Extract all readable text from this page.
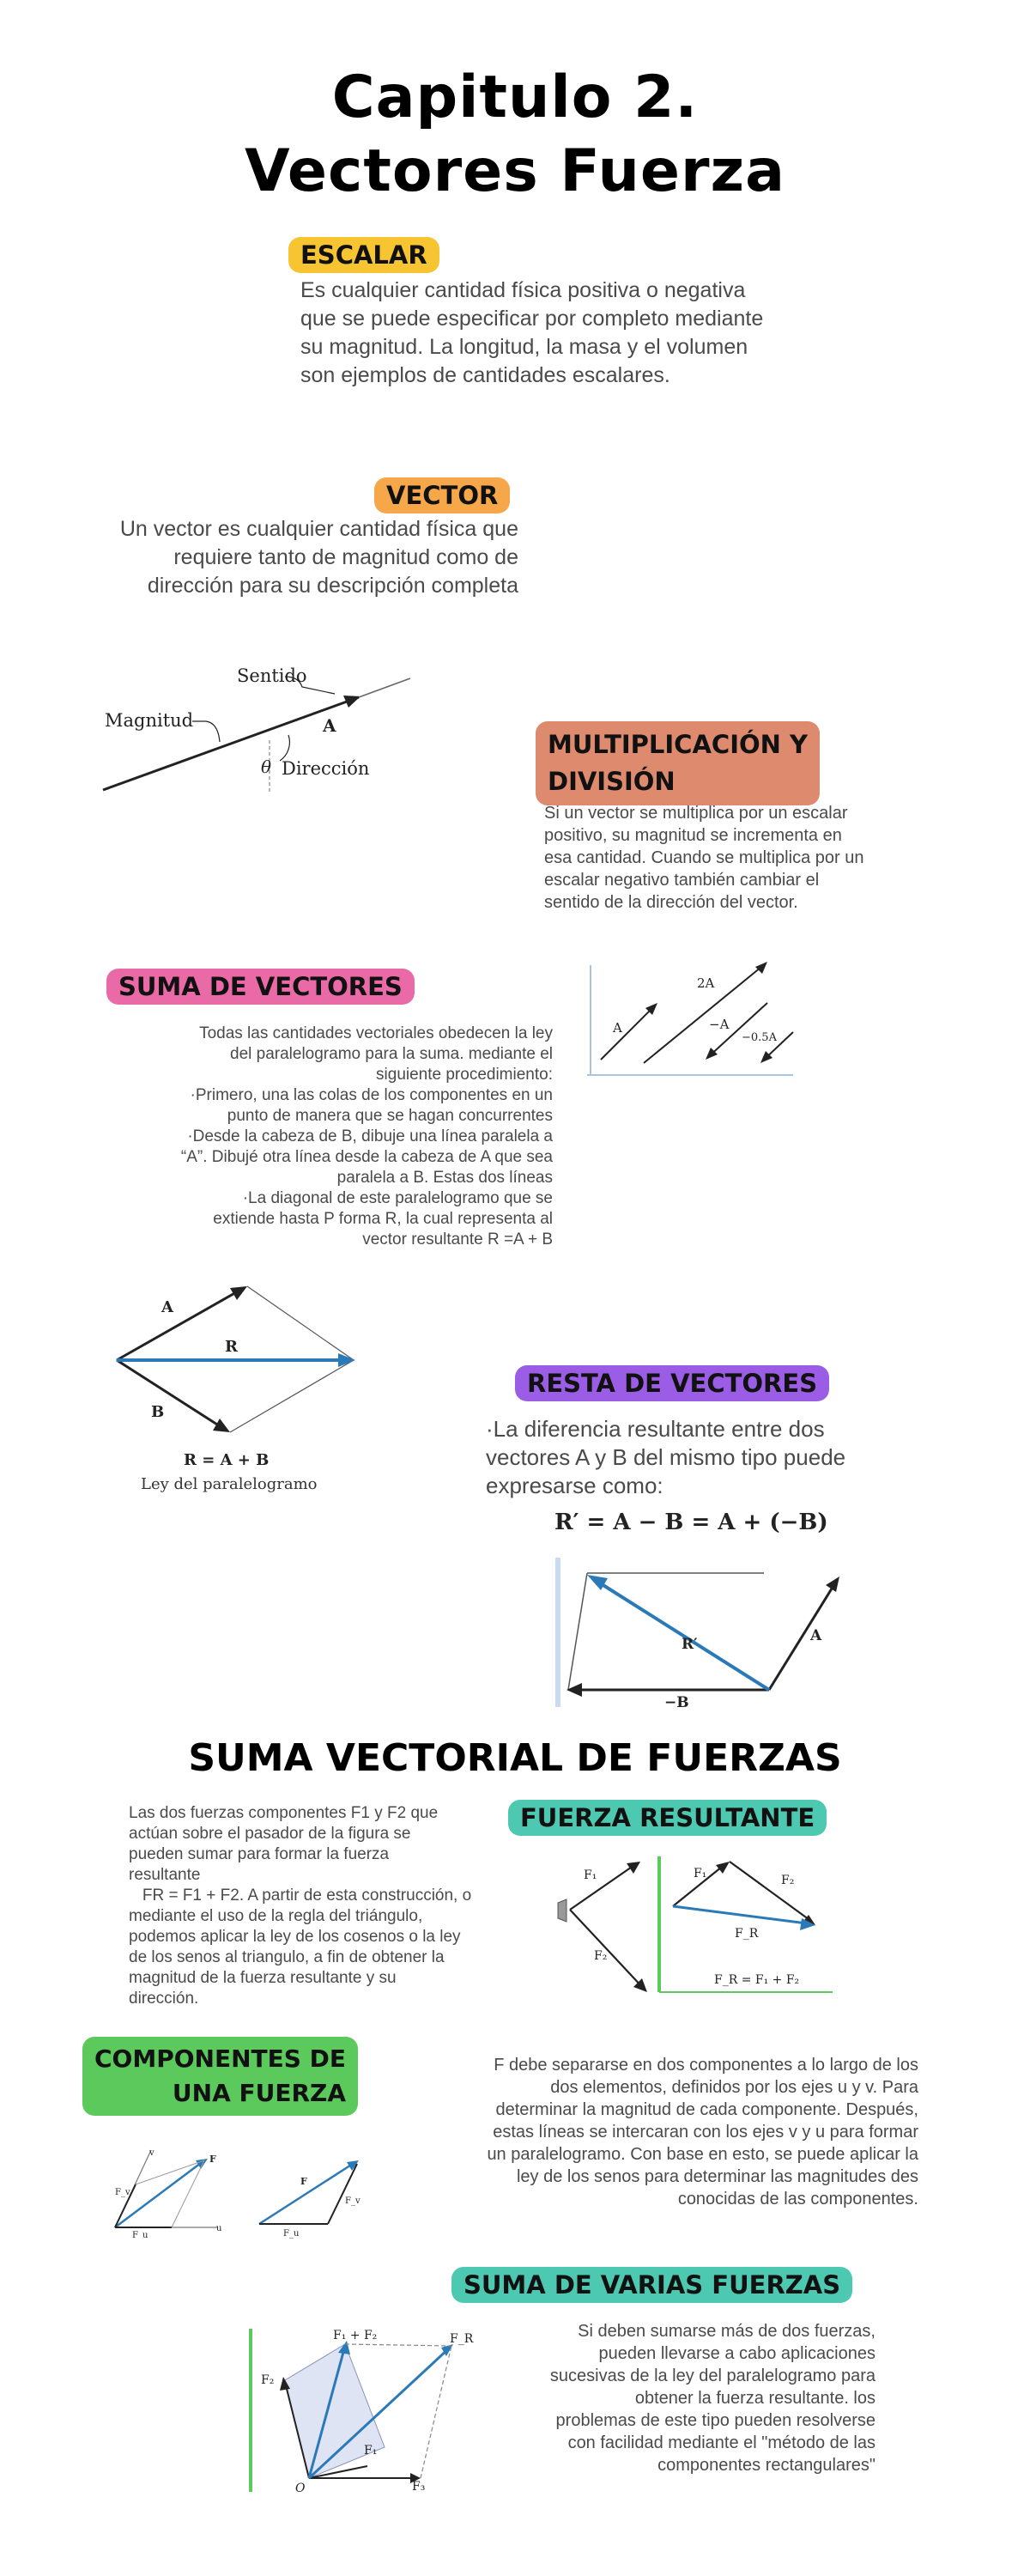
Capitulo 2.
Vectores Fuerza
ESCALAR

Es cualquier cantidad física positiva o negativa que se puede especificar por completo mediante su magnitud. La longitud, la masa y el volumen son ejemplos de cantidades escalares.

VECTOR

Un vector es cualquier cantidad física que requiere tanto de magnitud como de dirección para su descripción completa

Sentido
Magnitud	A
θ Dirección
MULTIPLICACIÓN Y
DIVISIÓN

Si un vector se multiplica por un escalar positivo, su magnitud se incrementa en esa cantidad. Cuando se multiplica por un escalar negativo también cambiar el sentido de la dirección del vector.

A
2A
−A
−0.5A
SUMA DE VECTORES
Todas las cantidades vectoriales obedecen la ley
del paralelogramo para la suma. mediante el
siguiente procedimiento:
·Primero, una las colas de los componentes en un
punto de manera que se hagan concurrentes
·Desde la cabeza de B, dibuje una línea paralela a
“A”. Dibujé otra línea desde la cabeza de A que sea
paralela a B. Estas dos líneas
·La diagonal de este paralelogramo que se
extiende hasta P forma R, la cual representa al
vector resultante R =A + B
A
B
R
R = A + B
Ley del paralelogramo
RESTA DE VECTORES

·La diferencia resultante entre dos vectores A y B del mismo tipo puede expresarse como:

R′ = A − B = A + (−B)
−B
A
R′
SUMA VECTORIAL DE FUERZAS
Las dos fuerzas componentes F1 y F2 que
actúan sobre el pasador de la figura se
pueden sumar para formar la fuerza
resultante
FR = F1 + F2. A partir de esta construcción, o
mediante el uso de la regla del triángulo,
podemos aplicar la ley de los cosenos o la ley
de los senos al triangulo, a fin de obtener la
magnitud de la fuerza resultante y su
dirección.
FUERZA RESULTANTE
F₁
F₂
F₁	F₂
F_R
F_R = F₁ + F₂
COMPONENTES DE
UNA FUERZA
F debe separarse en dos componentes a lo largo de los
dos elementos, definidos por los ejes u y v. Para
determinar la magnitud de cada componente. Después,
estas líneas se intercaran con los ejes v y u para formar
un paralelogramo. Con base en esto, se puede aplicar la
ley de los senos para determinar las magnitudes des
conocidas de las componentes.
u
v
F
F_u
F_v
F
F_u
F_v
SUMA DE VARIAS FUERZAS
F₂
F₁
F₃
F₁ + F₂	F_R
O
Si deben sumarse más de dos fuerzas,
pueden llevarse a cabo aplicaciones
sucesivas de la ley del paralelogramo para
obtener la fuerza resultante. los
problemas de este tipo pueden resolverse
con facilidad mediante el "método de las
componentes rectangulares"
